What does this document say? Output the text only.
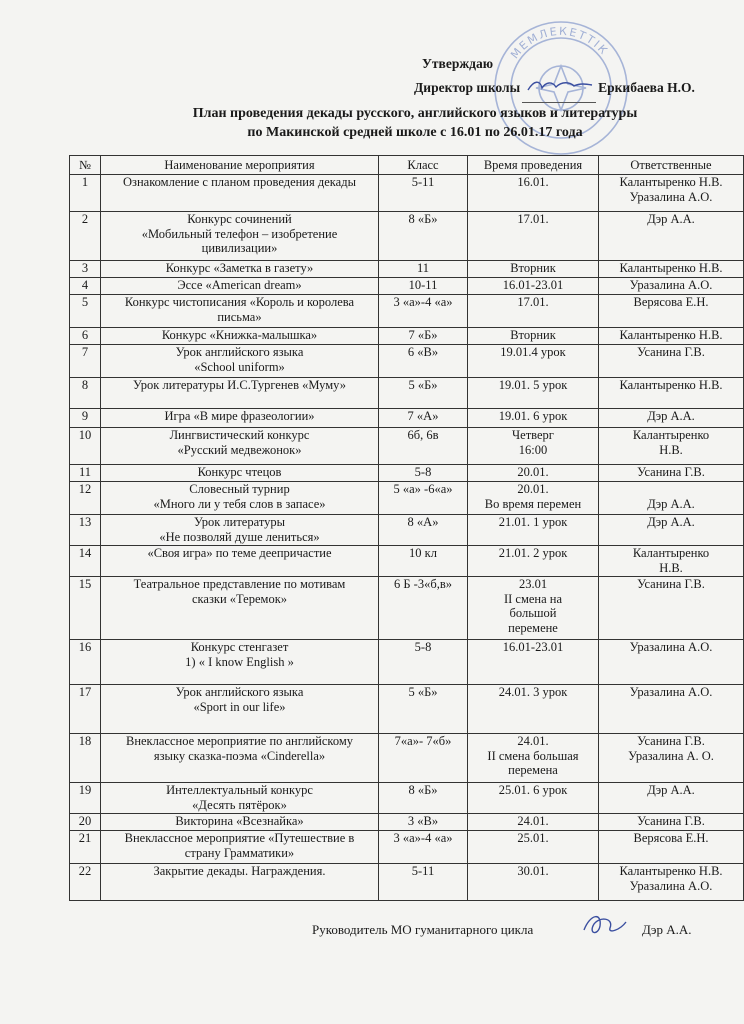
МЕМЛЕКЕТТІК
Утверждаю
Директор школы	Еркибаева Н.О.
План проведения декады русского, английского языков и литературы
по Макинской средней школе с 16.01 по 26.01.17 года
№	Наименование мероприятия	Класс	Время проведения	Ответственные
1	Ознакомление с планом проведения декады	5-11	16.01.	Калантыренко Н.В.
Уразалина А.О.

2	Конкурс сочинений
«Мобильный телефон – изобретение
цивилизации»	8 «Б»	17.01.	Дэр А.А.
3	Конкурс «Заметка в газету»	11	Вторник	Калантыренко Н.В.
4	Эссе «American dream»	10-11	16.01-23.01	Уразалина А.О.
5	Конкурс чистописания «Король и королева
письма»	3 «а»-4 «а»	17.01.	Верясова Е.Н.
6	Конкурс «Книжка-малышка»	7 «Б»	Вторник	Калантыренко Н.В.
7	Урок английского языка
«School uniform»	6 «В»	19.01.4 урок	Усанина Г.В.
8	Урок литературы И.С.Тургенев «Муму»	5 «Б»	19.01. 5 урок	Калантыренко Н.В.
9	Игра «В мире фразеологии»	7 «А»	19.01. 6 урок	Дэр А.А.
10	Лингвистический конкурс
«Русский медвежонок»	6б, 6в	Четверг
16:00	Калантыренко
Н.В.

11	Конкурс чтецов	5-8	20.01.	Усанина Г.В.
12	Словесный турнир
«Много ли у тебя слов в запасе»	5 «а» -6«а»	20.01.
Во время перемен	Дэр А.А.

13	Урок литературы
«Не позволяй душе лениться»	8 «А»	21.01. 1 урок	Дэр А.А.
14	«Своя игра» по теме деепричастие	10 кл	21.01. 2 урок	Калантыренко
Н.В.

15	Театральное представление по мотивам
сказки «Теремок»	6 Б -3«б,в»	23.01
II смена на
большой
перемене	Усанина Г.В.
16	Конкурс стенгазет
1) « I know English »	5-8	16.01-23.01	Уразалина А.О.
17	Урок английского языка
«Sport in our life»	5 «Б»	24.01. 3 урок	Уразалина А.О.
18	Внеклассное мероприятие по английскому
языку сказка-поэма «Cinderella»	7«а»- 7«б»	24.01.
II смена большая
перемена	Усанина Г.В.
Уразалина А. О.

19	Интеллектуальный конкурс
«Десять пятёрок»	8 «Б»	25.01. 6 урок	Дэр А.А.
20	Викторина «Всезнайка»	3 «В»	24.01.	Усанина Г.В.
21	Внеклассное мероприятие «Путешествие в
страну Грамматики»	3 «а»-4 «а»	25.01.	Верясова Е.Н.
22	Закрытие декады. Награждения.	5-11	30.01.	Калантыренко Н.В.
Уразалина А.О.
Руководитель МО гуманитарного цикла	Дэр А.А.
